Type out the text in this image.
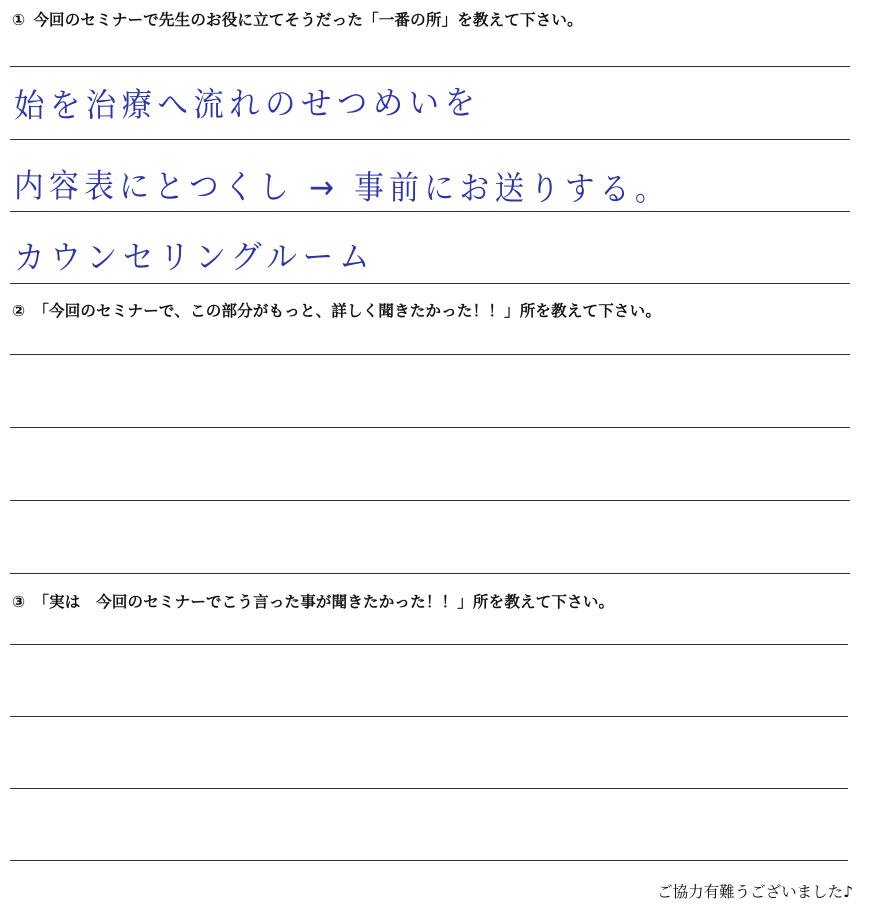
① 今回のセミナーで先生のお役に立てそうだった「一番の所」を教えて下さい。
始を治療へ流れのせつめいを
内容表にとつくし → 事前にお送りする。
カウンセリングルーム
② 「今回のセミナーで、この部分がもっと、詳しく聞きたかった！！」所を教えて下さい。
③ 「実は　今回のセミナーでこう言った事が聞きたかった！！」所を教えて下さい。
ご協力有難うございました♪
